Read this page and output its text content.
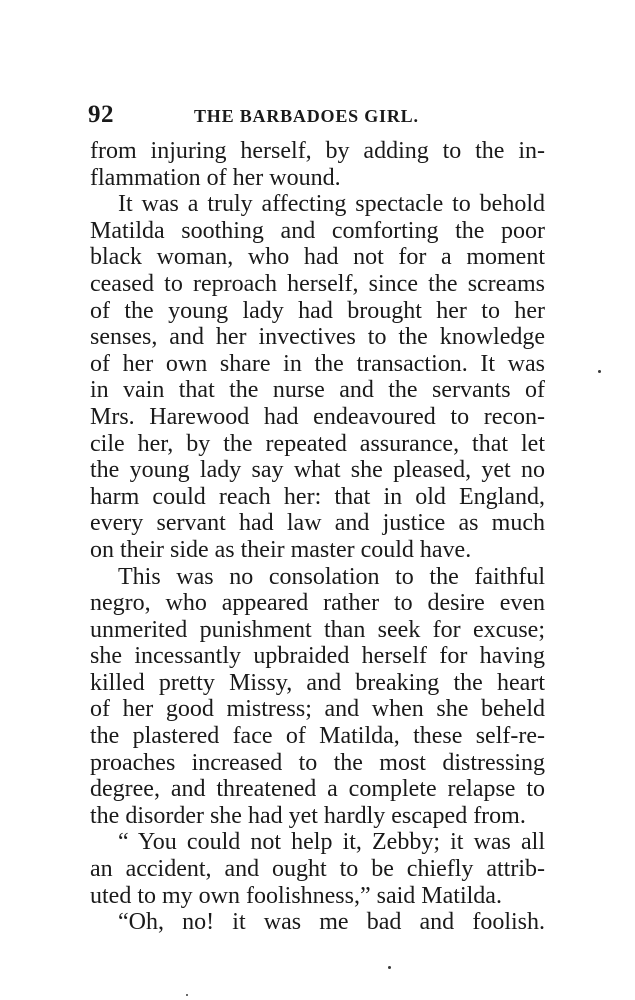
92	THE BARBADOES GIRL.
from injuring herself, by adding to the in-
flammation of her wound.
It was a truly affecting spectacle to behold
Matilda soothing and comforting the poor
black woman, who had not for a moment
ceased to reproach herself, since the screams
of the young lady had brought her to her
senses, and her invectives to the knowledge
of her own share in the transaction. It was
in vain that the nurse and the servants of
Mrs. Harewood had endeavoured to recon-
cile her, by the repeated assurance, that let
the young lady say what she pleased, yet no
harm could reach her: that in old England,
every servant had law and justice as much
on their side as their master could have.
This was no consolation to the faithful
negro, who appeared rather to desire even
unmerited punishment than seek for excuse;
she incessantly upbraided herself for having
killed pretty Missy, and breaking the heart
of her good mistress; and when she beheld
the plastered face of Matilda, these self-re-
proaches increased to the most distressing
degree, and threatened a complete relapse to
the disorder she had yet hardly escaped from.
“ You could not help it, Zebby; it was all
an accident, and ought to be chiefly attrib-
uted to my own foolishness,” said Matilda.
“Oh, no! it was me bad and foolish.
